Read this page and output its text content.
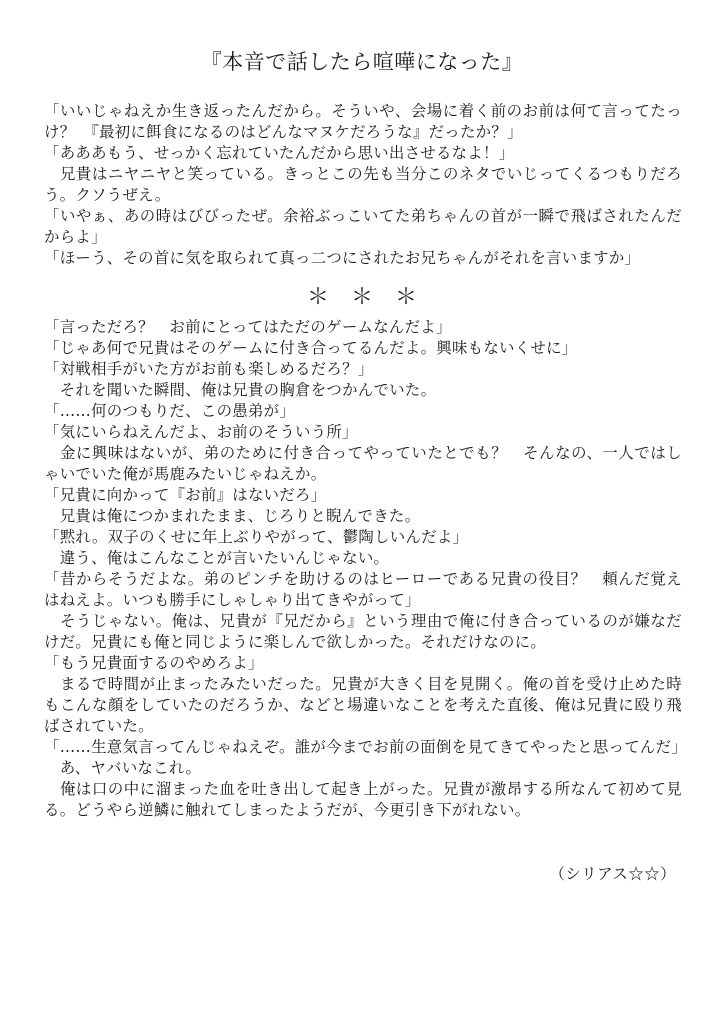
『本音で話したら喧嘩になった』

「いいじゃねえか生き返ったんだから。そういや、会場に着く前のお前は何て言ってたっけ？　『最初に餌食になるのはどんなマヌケだろうな』だったか？」

「あああもう、せっかく忘れていたんだから思い出させるなよ！」

　兄貴はニヤニヤと笑っている。きっとこの先も当分このネタでいじってくるつもりだろう。クソうぜえ。

「いやぁ、あの時はびびったぜ。余裕ぶっこいてた弟ちゃんの首が一瞬で飛ばされたんだからよ」

「ほーう、その首に気を取られて真っ二つにされたお兄ちゃんがそれを言いますか」

＊＊＊

「言っただろ？　お前にとってはただのゲームなんだよ」

「じゃあ何で兄貴はそのゲームに付き合ってるんだよ。興味もないくせに」

「対戦相手がいた方がお前も楽しめるだろ？」

　それを聞いた瞬間、俺は兄貴の胸倉をつかんでいた。

「……何のつもりだ、この愚弟が」

「気にいらねえんだよ、お前のそういう所」

　金に興味はないが、弟のために付き合ってやっていたとでも？　そんなの、一人ではしゃいでいた俺が馬鹿みたいじゃねえか。

「兄貴に向かって『お前』はないだろ」

　兄貴は俺につかまれたまま、じろりと睨んできた。

「黙れ。双子のくせに年上ぶりやがって、鬱陶しいんだよ」

　違う、俺はこんなことが言いたいんじゃない。

「昔からそうだよな。弟のピンチを助けるのはヒーローである兄貴の役目？　頼んだ覚えはねえよ。いつも勝手にしゃしゃり出てきやがって」

　そうじゃない。俺は、兄貴が『兄だから』という理由で俺に付き合っているのが嫌なだけだ。兄貴にも俺と同じように楽しんで欲しかった。それだけなのに。

「もう兄貴面するのやめろよ」

　まるで時間が止まったみたいだった。兄貴が大きく目を見開く。俺の首を受け止めた時もこんな顔をしていたのだろうか、などと場違いなことを考えた直後、俺は兄貴に殴り飛ばされていた。

「……生意気言ってんじゃねえぞ。誰が今までお前の面倒を見てきてやったと思ってんだ」

　あ、ヤバいなこれ。

　俺は口の中に溜まった血を吐き出して起き上がった。兄貴が激昂する所なんて初めて見る。どうやら逆鱗に触れてしまったようだが、今更引き下がれない。

（シリアス☆☆）
